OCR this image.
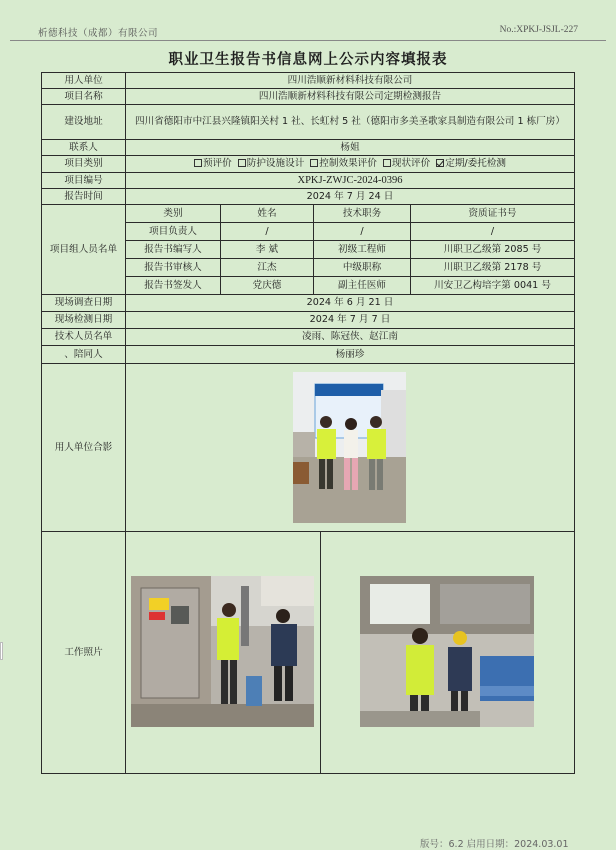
析德科技（成都）有限公司	No.:XPKJ-JSJL-227
职业卫生报告书信息网上公示内容填报表
用人单位	四川浩顺新材料科技有限公司
项目名称	四川浩顺新材料科技有限公司定期检测报告
建设地址	四川省德阳市中江县兴隆镇阳关村 1 社、长虹村 5 社（德阳市多美圣歌家具制造有限公司 1 栋厂房）
联系人	杨姐
项目类别	预评价	防护设施设计	控制效果评价	现状评价	定期/委托检测
项目编号	XPKJ-ZWJC-2024-0396
报告时间	2024 年 7 月 24 日
项目组人员名单
类别	姓名	技术职务	资质证书号
项目负责人	/	/	/
报告书编写人	李 斌	初级工程师	川职卫乙级第 2085 号
报告书审核人	江杰	中级职称	川职卫乙级第 2178 号
报告书签发人	党庆德	副主任医师	川安卫乙构培字第 0041 号
现场调查日期	2024 年 6 月 21 日
现场检测日期	2024 年 7 月 7 日
技术人员名单	凌雨、陈冠侠、赵江南
、陪同人	杨丽珍
用人单位合影
工作照片
版号：6.2 启用日期：2024.03.01
